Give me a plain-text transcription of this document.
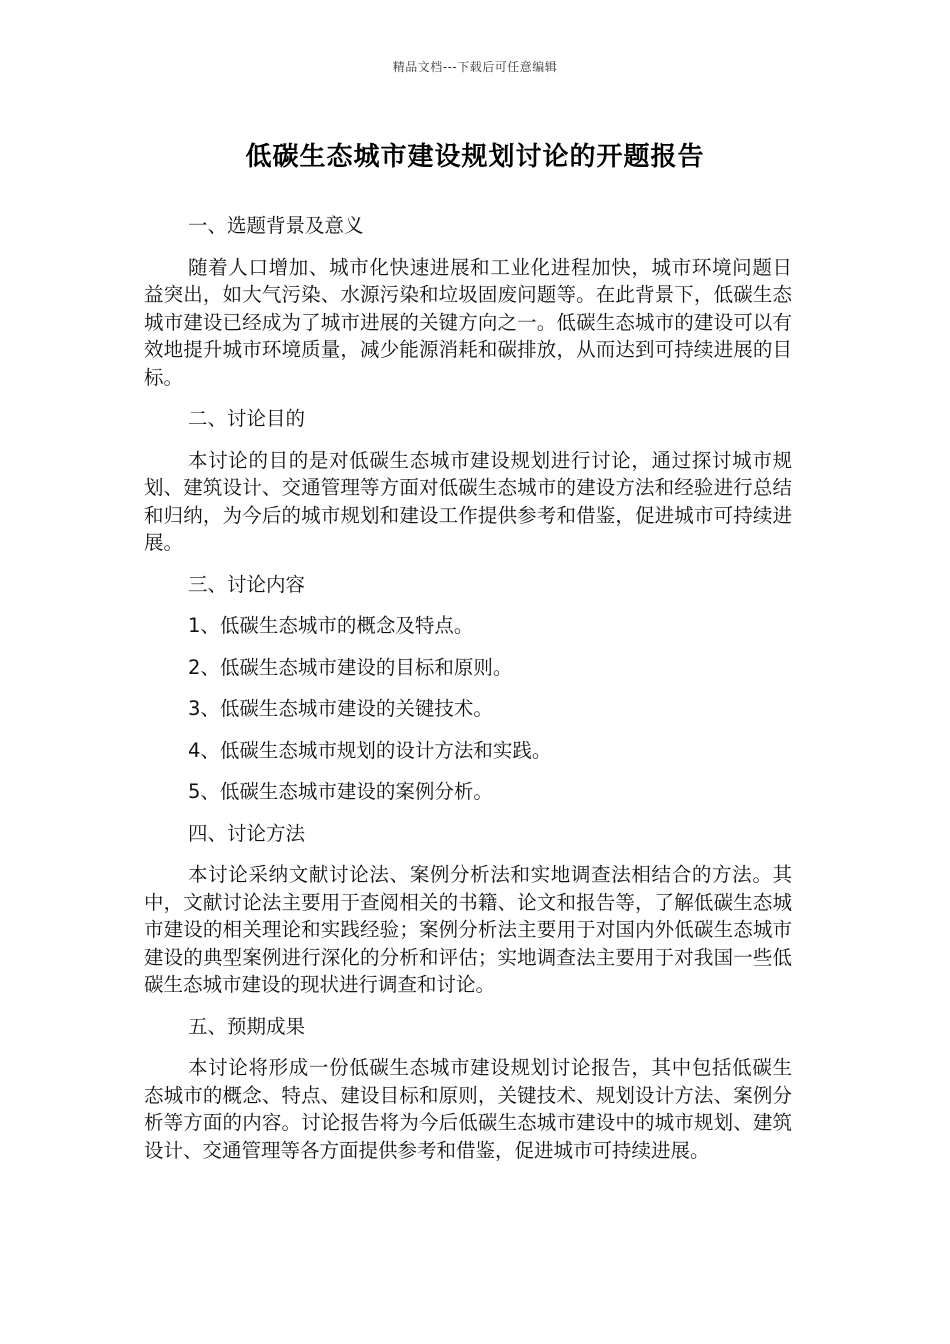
精品文档---下载后可任意编辑
低碳生态城市建设规划讨论的开题报告

一、选题背景及意义

随着人口增加、城市化快速进展和工业化进程加快，城市环境问题日益突出，如大气污染、水源污染和垃圾固废问题等。在此背景下，低碳生态城市建设已经成为了城市进展的关键方向之一。低碳生态城市的建设可以有效地提升城市环境质量，减少能源消耗和碳排放，从而达到可持续进展的目标。

二、讨论目的

本讨论的目的是对低碳生态城市建设规划进行讨论，通过探讨城市规划、建筑设计、交通管理等方面对低碳生态城市的建设方法和经验进行总结和归纳，为今后的城市规划和建设工作提供参考和借鉴，促进城市可持续进展。

三、讨论内容

1、低碳生态城市的概念及特点。

2、低碳生态城市建设的目标和原则。

3、低碳生态城市建设的关键技术。

4、低碳生态城市规划的设计方法和实践。

5、低碳生态城市建设的案例分析。

四、讨论方法

本讨论采纳文献讨论法、案例分析法和实地调查法相结合的方法。其中，文献讨论法主要用于查阅相关的书籍、论文和报告等，了解低碳生态城市建设的相关理论和实践经验；案例分析法主要用于对国内外低碳生态城市建设的典型案例进行深化的分析和评估；实地调查法主要用于对我国一些低碳生态城市建设的现状进行调查和讨论。

五、预期成果

本讨论将形成一份低碳生态城市建设规划讨论报告，其中包括低碳生态城市的概念、特点、建设目标和原则，关键技术、规划设计方法、案例分析等方面的内容。讨论报告将为今后低碳生态城市建设中的城市规划、建筑设计、交通管理等各方面提供参考和借鉴，促进城市可持续进展。
